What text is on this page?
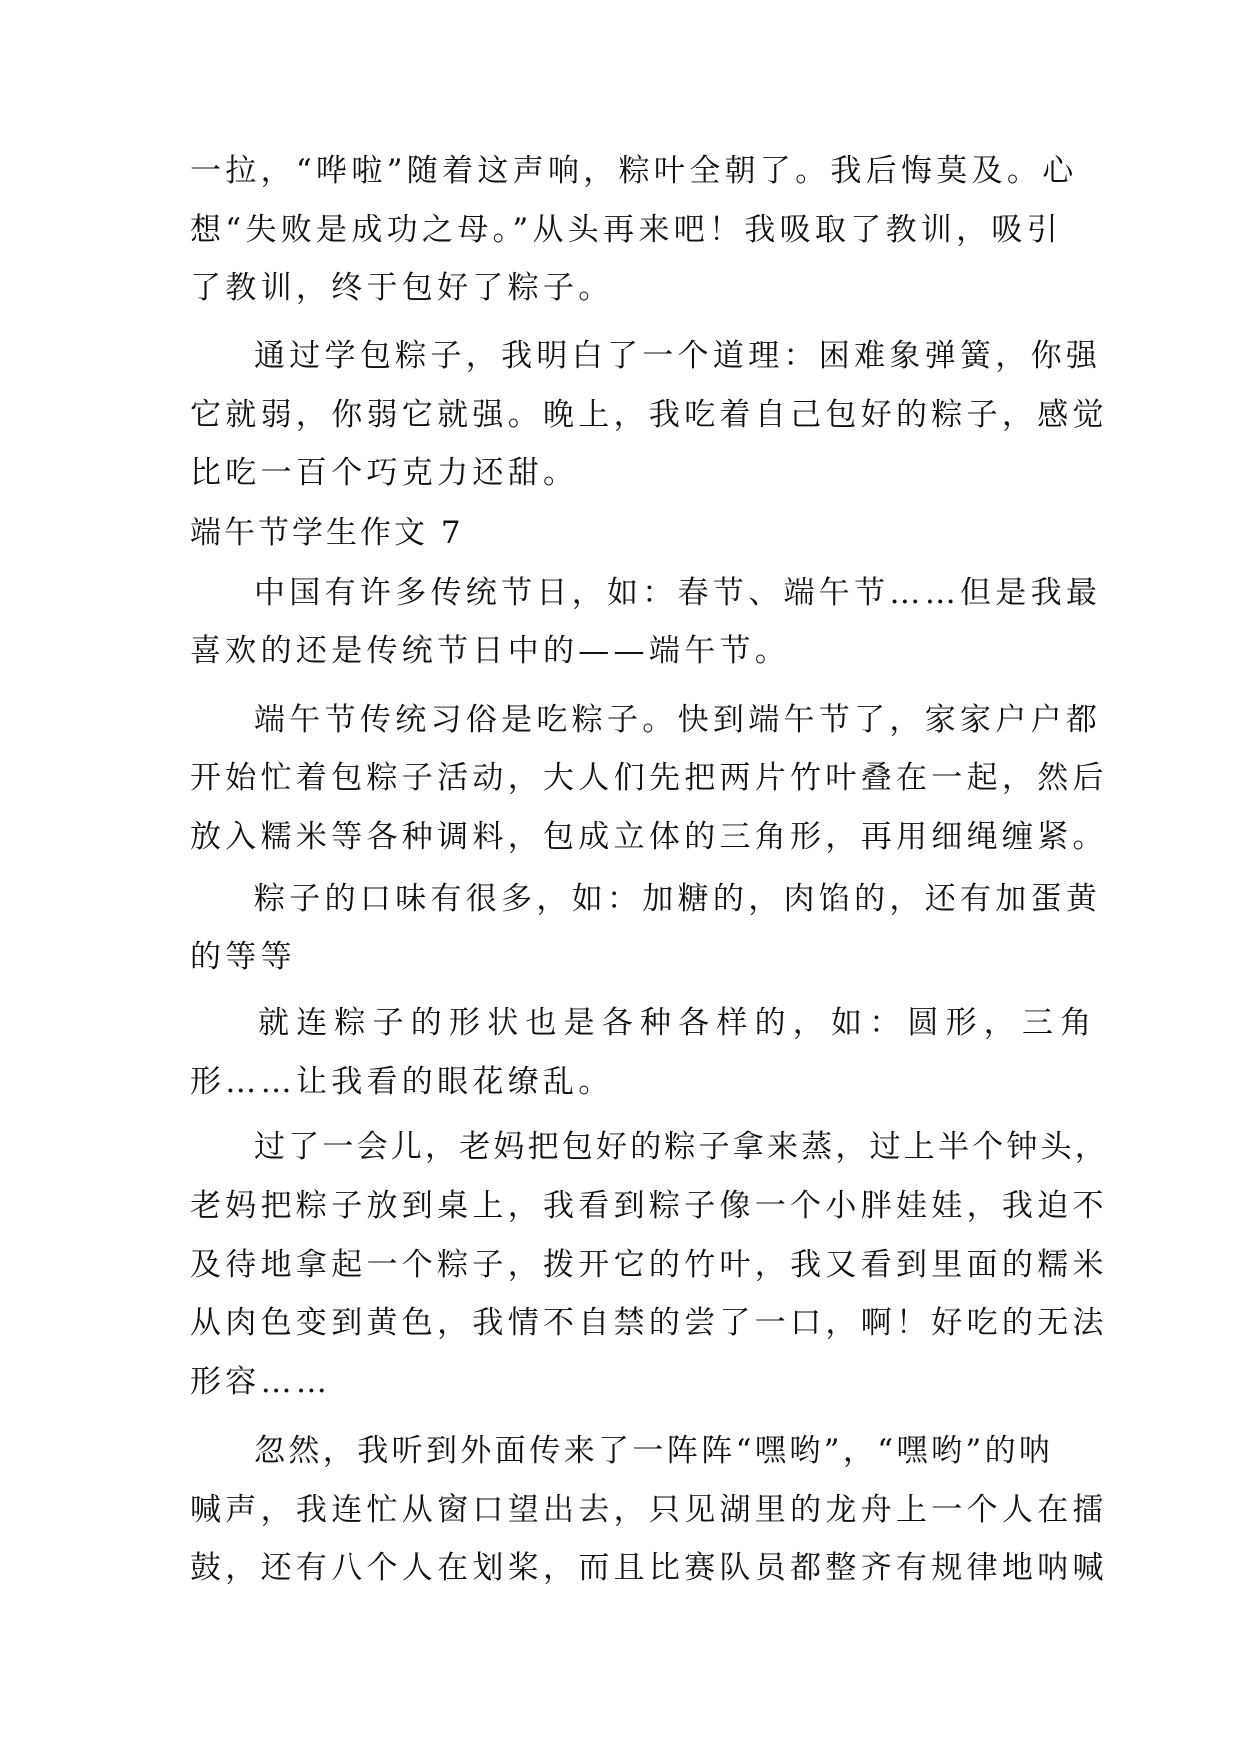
一拉，“哗啦”随着这声响，粽叶全朝了。我后悔莫及。心
想“失败是成功之母。”从头再来吧！我吸取了教训，吸引
了教训，终于包好了粽子。
通过学包粽子，我明白了一个道理：困难象弹簧，你强
它就弱，你弱它就强。晚上，我吃着自己包好的粽子，感觉
比吃一百个巧克力还甜。
端午节学生作文 7
中国有许多传统节日，如：春节、端午节……但是我最
喜欢的还是传统节日中的——端午节。
端午节传统习俗是吃粽子。快到端午节了，家家户户都
开始忙着包粽子活动，大人们先把两片竹叶叠在一起，然后
放入糯米等各种调料，包成立体的三角形，再用细绳缠紧。
粽子的口味有很多，如：加糖的，肉馅的，还有加蛋黄
的等等
就连粽子的形状也是各种各样的，如：圆形，三角
形……让我看的眼花缭乱。
过了一会儿，老妈把包好的粽子拿来蒸，过上半个钟头，
老妈把粽子放到桌上，我看到粽子像一个小胖娃娃，我迫不
及待地拿起一个粽子，拨开它的竹叶，我又看到里面的糯米
从肉色变到黄色，我情不自禁的尝了一口，啊！好吃的无法
形容……
忽然，我听到外面传来了一阵阵“嘿哟”，“嘿哟”的呐
喊声，我连忙从窗口望出去，只见湖里的龙舟上一个人在擂
鼓，还有八个人在划桨，而且比赛队员都整齐有规律地呐喊
